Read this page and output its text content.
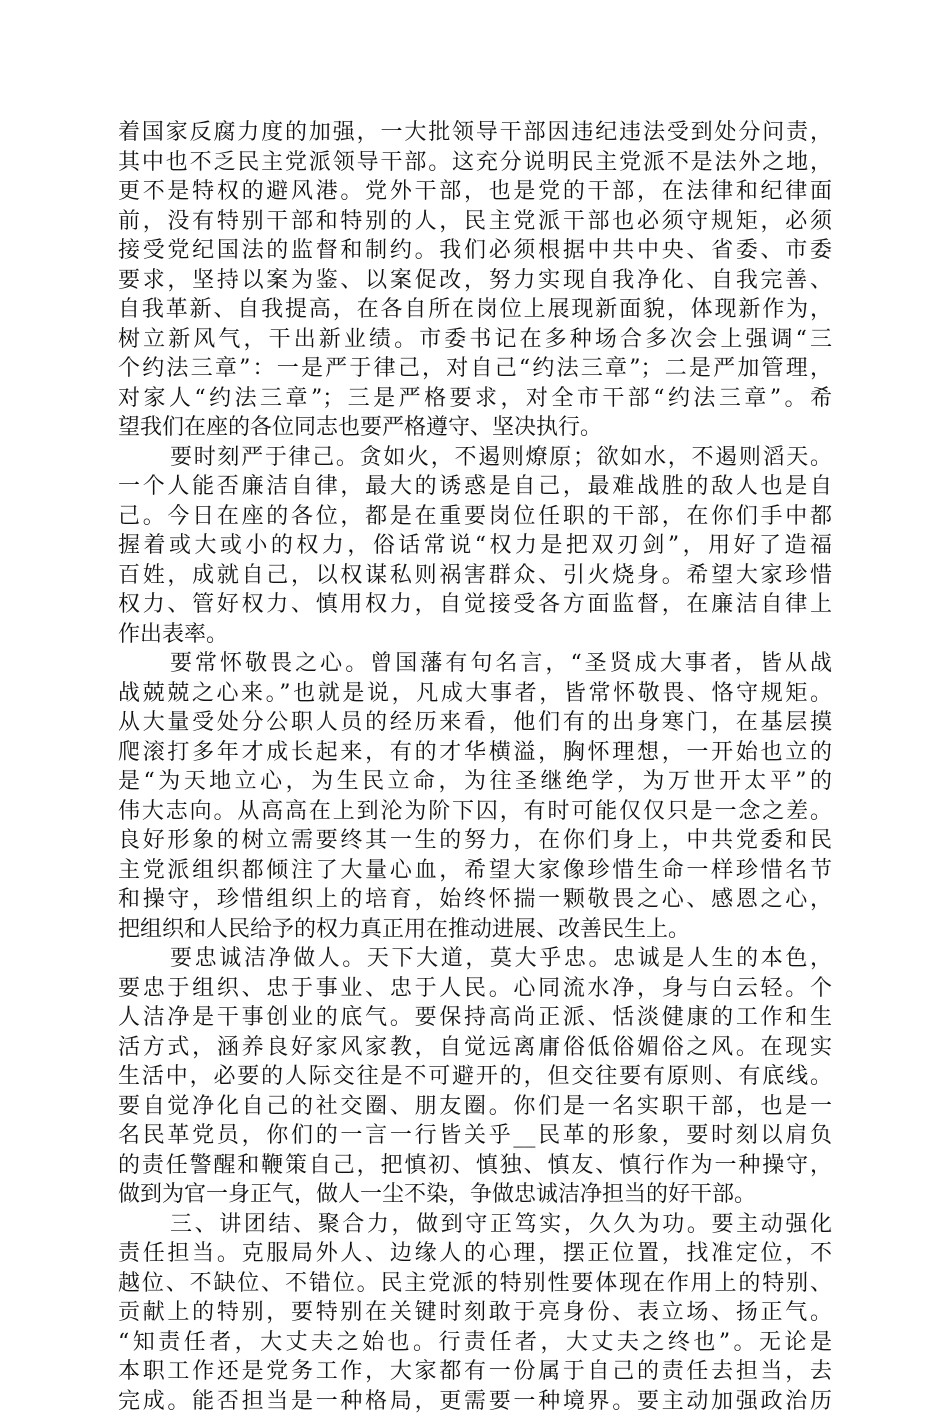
着国家反腐力度的加强，一大批领导干部因违纪违法受到处分问责，
其中也不乏民主党派领导干部。这充分说明民主党派不是法外之地，
更不是特权的避风港。党外干部，也是党的干部，在法律和纪律面
前，没有特别干部和特别的人，民主党派干部也必须守规矩，必须
接受党纪国法的监督和制约。我们必须根据中共中央、省委、市委
要求，坚持以案为鉴、以案促改，努力实现自我净化、自我完善、
自我革新、自我提高，在各自所在岗位上展现新面貌，体现新作为，
树立新风气，干出新业绩。市委书记在多种场合多次会上强调“三
个约法三章”：一是严于律己，对自己“约法三章”；二是严加管理，
对家人“约法三章”；三是严格要求，对全市干部“约法三章”。希
望我们在座的各位同志也要严格遵守、坚决执行。
要时刻严于律己。贪如火，不遏则燎原；欲如水，不遏则滔天。
一个人能否廉洁自律，最大的诱惑是自己，最难战胜的敌人也是自
己。今日在座的各位，都是在重要岗位任职的干部，在你们手中都
握着或大或小的权力，俗话常说“权力是把双刃剑”，用好了造福
百姓，成就自己，以权谋私则祸害群众、引火烧身。希望大家珍惜
权力、管好权力、慎用权力，自觉接受各方面监督，在廉洁自律上
作出表率。
要常怀敬畏之心。曾国藩有句名言，“圣贤成大事者，皆从战
战兢兢之心来。”也就是说，凡成大事者，皆常怀敬畏、恪守规矩。
从大量受处分公职人员的经历来看，他们有的出身寒门，在基层摸
爬滚打多年才成长起来，有的才华横溢，胸怀理想，一开始也立的
是“为天地立心，为生民立命，为往圣继绝学，为万世开太平”的
伟大志向。从高高在上到沦为阶下囚，有时可能仅仅只是一念之差。
良好形象的树立需要终其一生的努力，在你们身上，中共党委和民
主党派组织都倾注了大量心血，希望大家像珍惜生命一样珍惜名节
和操守，珍惜组织上的培育，始终怀揣一颗敬畏之心、感恩之心，
把组织和人民给予的权力真正用在推动进展、改善民生上。
要忠诚洁净做人。天下大道，莫大乎忠。忠诚是人生的本色，
要忠于组织、忠于事业、忠于人民。心同流水净，身与白云轻。个
人洁净是干事创业的底气。要保持高尚正派、恬淡健康的工作和生
活方式，涵养良好家风家教，自觉远离庸俗低俗媚俗之风。在现实
生活中，必要的人际交往是不可避开的，但交往要有原则、有底线。
要自觉净化自己的社交圈、朋友圈。你们是一名实职干部，也是一
名民革党员，你们的一言一行皆关乎__民革的形象，要时刻以肩负
的责任警醒和鞭策自己，把慎初、慎独、慎友、慎行作为一种操守，
做到为官一身正气，做人一尘不染，争做忠诚洁净担当的好干部。
三、讲团结、聚合力，做到守正笃实，久久为功。要主动强化
责任担当。克服局外人、边缘人的心理，摆正位置，找准定位，不
越位、不缺位、不错位。民主党派的特别性要体现在作用上的特别、
贡献上的特别，要特别在关键时刻敢于亮身份、表立场、扬正气。
“知责任者，大丈夫之始也。行责任者，大丈夫之终也”。无论是
本职工作还是党务工作，大家都有一份属于自己的责任去担当，去
完成。能否担当是一种格局，更需要一种境界。要主动加强政治历
